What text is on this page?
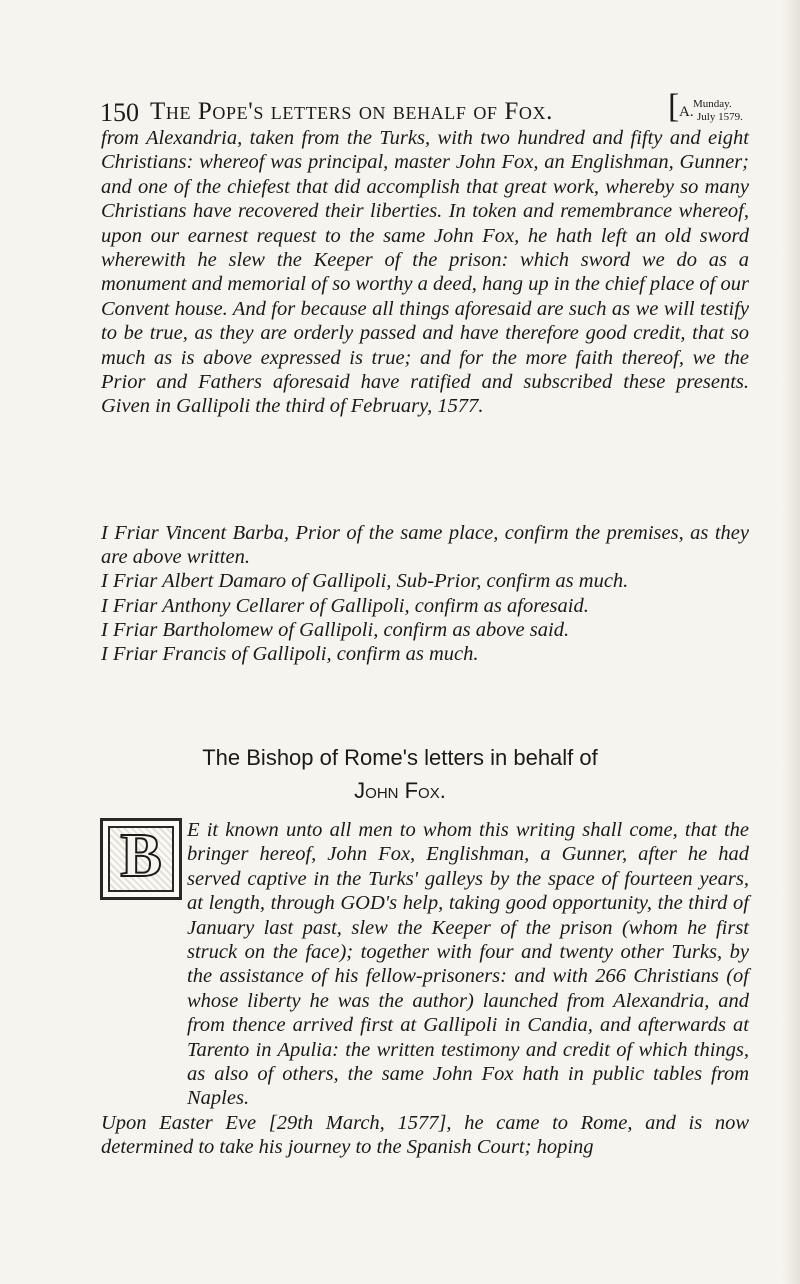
150 The Pope's letters on behalf of Fox.	[ A. Munday.
July 1579.

from Alexandria, taken from the Turks, with two hundred and fifty and eight Christians: whereof was principal, master John Fox, an Englishman, Gunner; and one of the chiefest that did accomplish that great work, whereby so many Christians have recovered their liberties. In token and remembrance whereof, upon our earnest request to the same John Fox, he hath left an old sword wherewith he slew the Keeper of the prison: which sword we do as a monument and memorial of so worthy a deed, hang up in the chief place of our Convent house. And for because all things aforesaid are such as we will testify to be true, as they are orderly passed and have therefore good credit, that so much as is above expressed is true; and for the more faith thereof, we the Prior and Fathers aforesaid have ratified and subscribed these presents. Given in Gallipoli the third of February, 1577.

I Friar Vincent Barba, Prior of the same place, confirm the premises, as they are above written.
I Friar Albert Damaro of Gallipoli, Sub-Prior, confirm as much.
I Friar Anthony Cellarer of Gallipoli, confirm as aforesaid.
I Friar Bartholomew of Gallipoli, confirm as above said.
I Friar Francis of Gallipoli, confirm as much.
The Bishop of Rome's letters in behalf of
John Fox.
B	E it known unto all men to whom this writing shall come, that the bringer hereof, John Fox, Englishman, a Gunner, after he had served captive in the Turks' galleys by the space of fourteen years, at length, through GOD's help, taking good opportunity, the third of January last past, slew the Keeper of the prison (whom he first struck on the face); together with four and twenty other Turks, by the assistance of his fellow-prisoners: and with 266 Christians (of whose liberty he was the author) launched from Alexandria, and from thence arrived first at Gallipoli in Candia, and afterwards at Tarento in Apulia: the written testimony and credit of which things, as also of others, the same John Fox hath in public tables from Naples.

Upon Easter Eve [29th March, 1577], he came to Rome, and is now determined to take his journey to the Spanish Court; hoping
